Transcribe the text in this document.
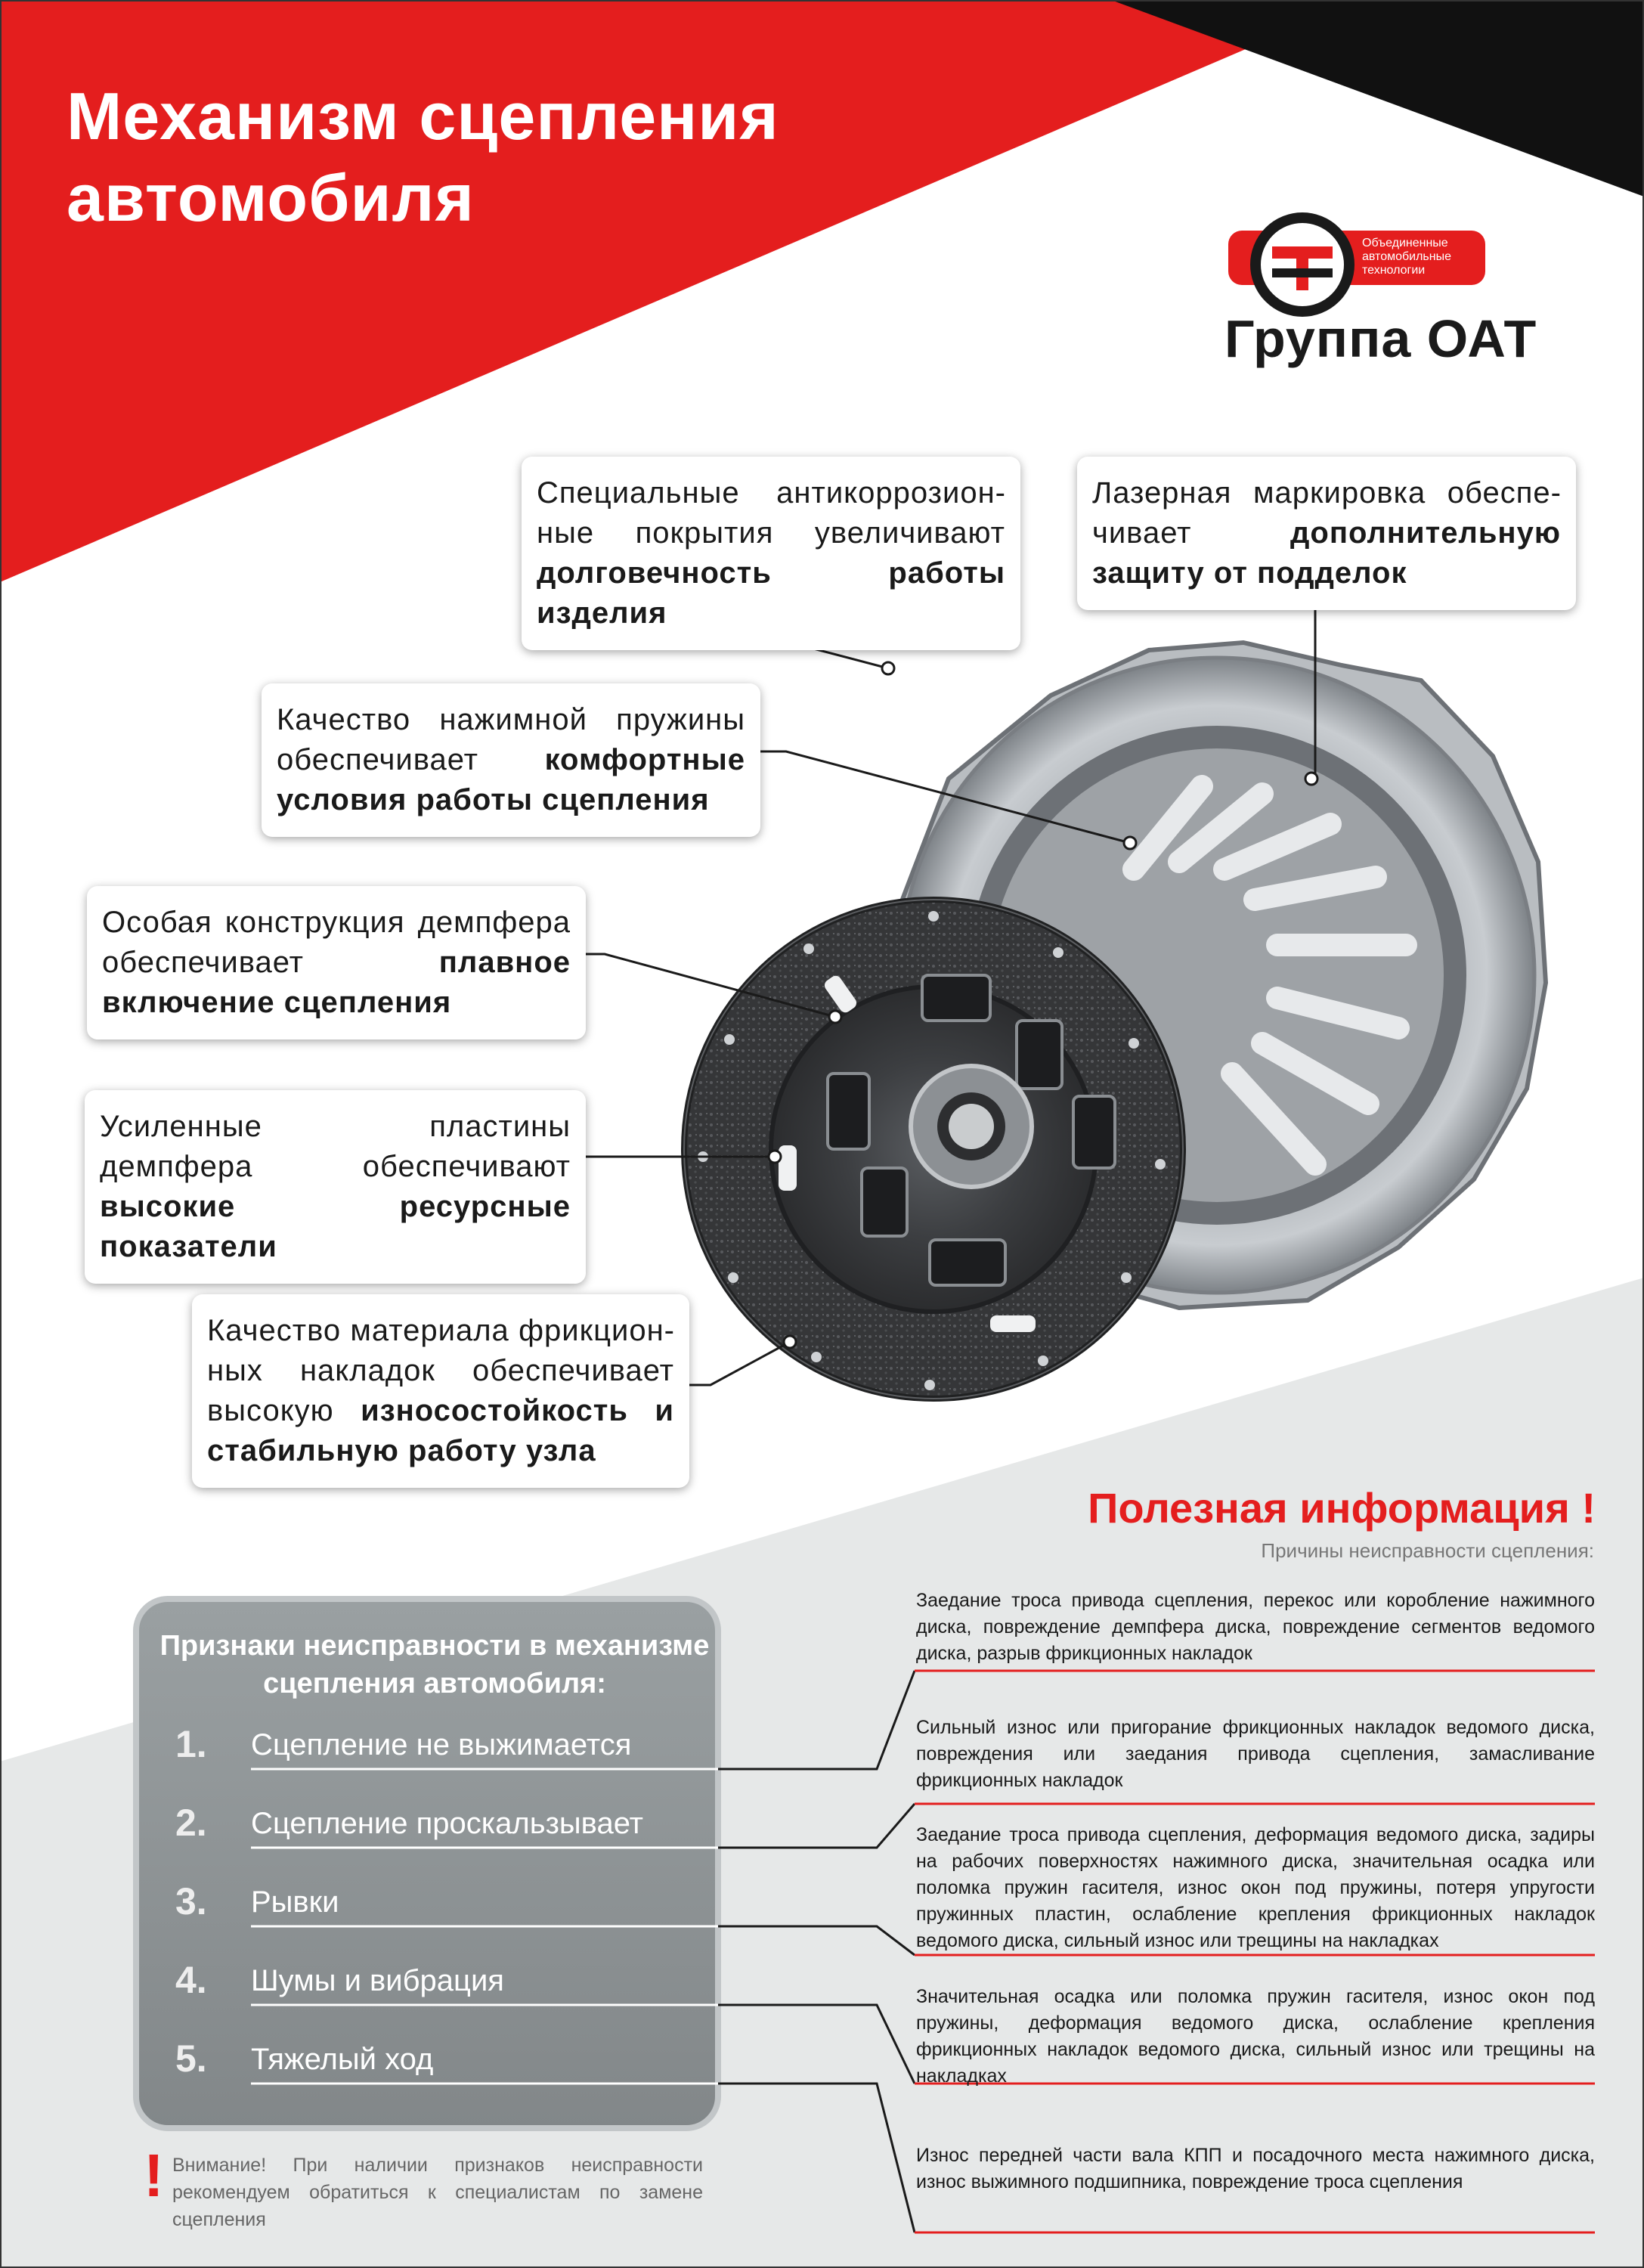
Механизм сцепления
автомобиля
Объединенные автомобильные технологии
Группа ОАТ
Специальные антикоррозионные покрытия увеличивают долговечность работы изделия
Лазерная маркировка обеспечивает	дополнительную защиту от подделок
Качество нажимной пружины обеспечивает комфортные условия работы сцепления
Особая конструкция демпфера обеспечивает	плавное включение сцепления
Усиленные пластины демпфера обеспечивают высокие ресурсные показатели
Качество материала фрикционных накладок обеспечивает высокую износостойкость и стабильную работу узла
Полезная информация !
Причины неисправности сцепления:
Заедание троса привода сцепления, перекос или коробление нажимного диска, повреждение демпфера диска, повреждение сегментов ведомого диска, разрыв фрикционных накладок
Сильный износ или пригорание фрикционных накладок ведомого диска, повреждения или заедания привода сцепления, замасливание фрикционных накладок
Заедание троса привода сцепления, деформация ведомого диска, задиры на рабочих поверхностях нажимного диска, значительная осадка или поломка пружин гасителя, износ окон под пружины, потеря упругости пружинных пластин, ослабление крепления фрикционных накладок ведомого диска, сильный износ или трещины на накладках
Значительная осадка или поломка пружин гасителя, износ окон под пружины, деформация ведомого диска, ослабление крепления фрикционных накладок ведомого диска, сильный износ или трещины на накладках
Износ передней части вала КПП и посадочного места нажимного диска, износ выжимного подшипника, повреждение троса сцепления
Признаки неисправности в механизме сцепления автомобиля:
1. Сцепление не выжимается
2. Сцепление проскальзывает
3. Рывки
4. Шумы и вибрация
5. Тяжелый ход
! Внимание! При наличии признаков неисправности рекомендуем обратиться к специалистам по замене сцепления
